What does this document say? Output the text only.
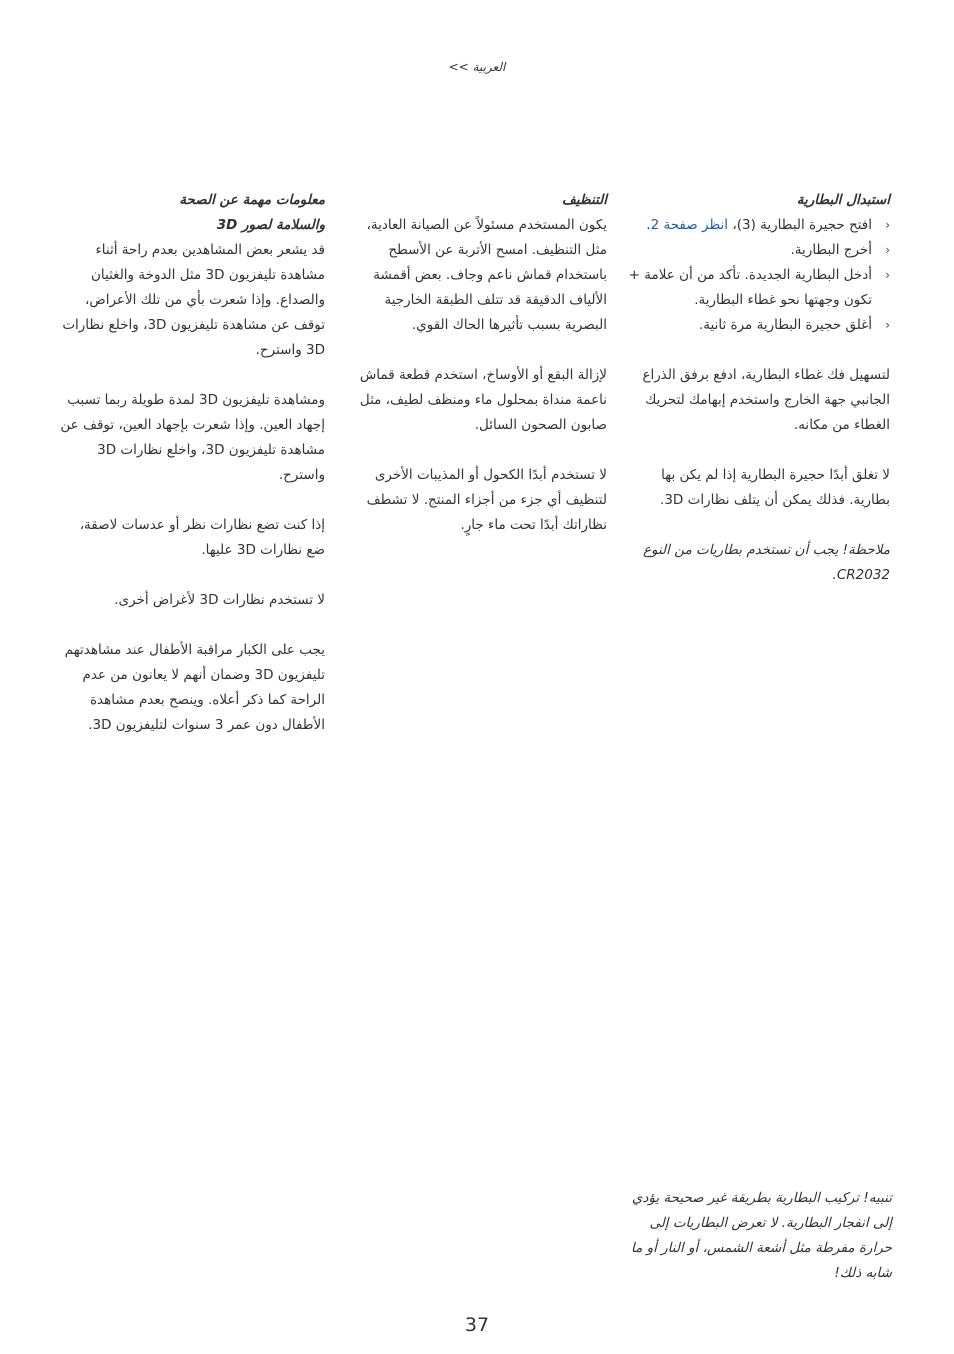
<< العربية
استبدال البطارية
‹
افتح حجيرة البطارية (3)، انظر صفحة 2.
‹
أخرج البطارية.
‹
أدخل البطارية الجديدة. تأكد من أن علامة + تكون وجهتها نحو غطاء البطارية.
‹
أغلق حجيرة البطارية مرة ثانية.

لتسهيل فك غطاء البطارية، ادفع برفق الذراع الجانبي جهة الخارج واستخدم إبهامك لتحريك الغطاء من مكانه.

لا تغلق أبدًا حجيرة البطارية إذا لم يكن بها بطارية. فذلك يمكن أن يتلف نظارات 3D.

ملاحظة! يجب أن تستخدم بطاريات من النوع CR2032.

التنظيف

يكون المستخدم مسئولاً عن الصيانة العادية، مثل التنظيف. امسح الأتربة عن الأسطح باستخدام قماش ناعم وجاف. بعض أقمشة الألياف الدقيقة قد تتلف الطبقة الخارجية البصرية بسبب تأثيرها الحاك القوي.

لإزالة البقع أو الأوساخ، استخدم قطعة قماش ناعمة منداة بمحلول ماء ومنظف لطيف، مثل صابون الصحون السائل.

لا تستخدم أبدًا الكحول أو المذيبات الأخرى لتنظيف أي جزء من أجزاء المنتج. لا تشطف نظاراتك أبدًا تحت ماء جارٍ.

معلومات مهمة عن الصحة
والسلامة لصور 3D

قد يشعر بعض المشاهدين بعدم راحة أثناء مشاهدة تليفزيون 3D مثل الدوخة والغثيان والصداع. وإذا شعرت بأي من تلك الأعراض، توقف عن مشاهدة تليفزيون 3D، واخلع نظارات 3D واسترح.

ومشاهدة تليفزيون 3D لمدة طويلة ربما تسبب إجهاد العين. وإذا شعرت بإجهاد العين، توقف عن مشاهدة تليفزيون 3D، واخلع نظارات 3D واسترح.

إذا كنت تضع نظارات نظر أو عدسات لاصقة، ضع نظارات 3D عليها.

لا تستخدم نظارات 3D لأغراض أخرى.

يجب على الكبار مراقبة الأطفال عند مشاهدتهم تليفزيون 3D وضمان أنهم لا يعانون من عدم الراحة كما ذكر أعلاه. وينصح بعدم مشاهدة الأطفال دون عمر 3 سنوات لتليفزيون 3D.

تنبيه! تركيب البطارية بطريقة غير صحيحة يؤدي إلى انفجار البطارية. لا تعرض البطاريات إلى حرارة مفرطة مثل أشعة الشمس، أو النار أو ما شابه ذلك!
37
